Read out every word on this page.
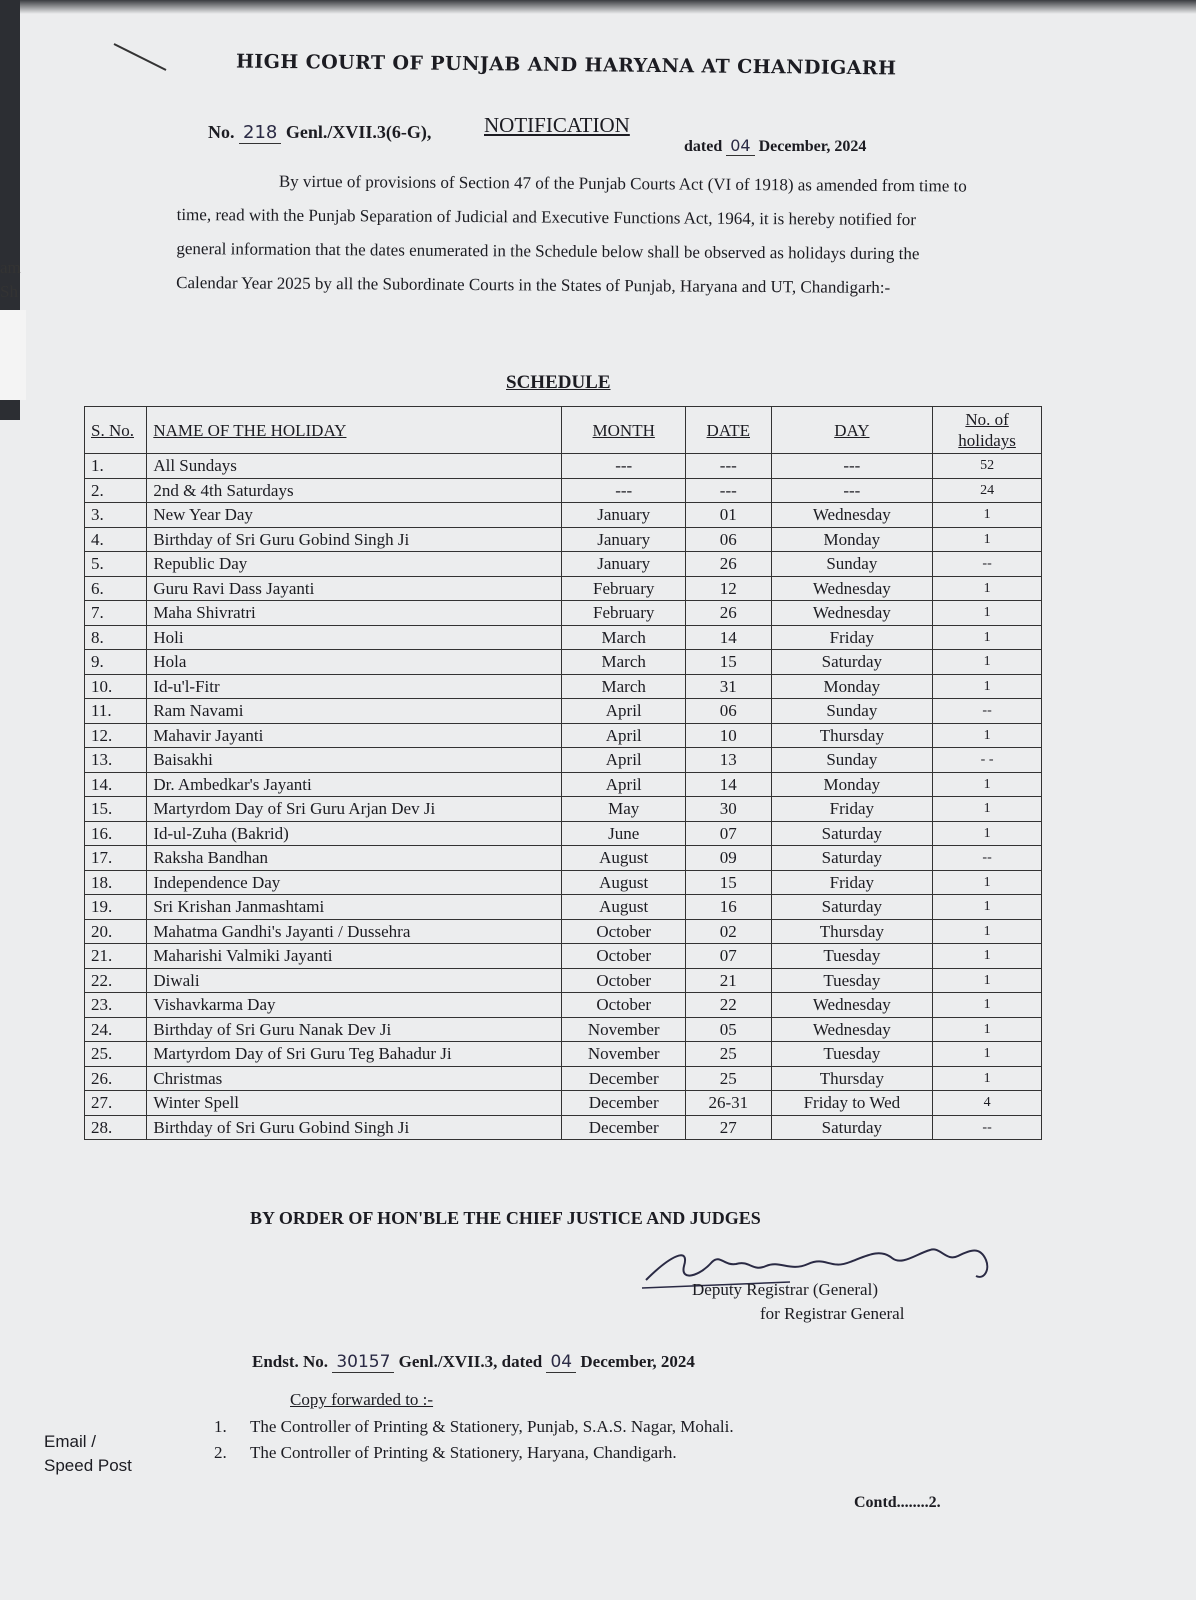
am
Sh
HIGH COURT OF PUNJAB AND HARYANA AT CHANDIGARH
NOTIFICATION
No. 218 Genl./XVII.3(6-G),
dated 04 December, 2024
By virtue of provisions of Section 47 of the Punjab Courts Act (VI of 1918) as amended from time to time, read with the Punjab Separation of Judicial and Executive Functions Act, 1964, it is hereby notified for general information that the dates enumerated in the Schedule below shall be observed as holidays during the Calendar Year 2025 by all the Subordinate Courts in the States of Punjab, Haryana and UT, Chandigarh:-
SCHEDULE
S. No.	NAME OF THE HOLIDAY	MONTH	DATE	DAY	No. of holidays
1.	All Sundays	---	---	---	52
2.	2nd & 4th Saturdays	---	---	---	24
3.	New Year Day	January	01	Wednesday	1
4.	Birthday of Sri Guru Gobind Singh Ji	January	06	Monday	1
5.	Republic Day	January	26	Sunday	--
6.	Guru Ravi Dass Jayanti	February	12	Wednesday	1
7.	Maha Shivratri	February	26	Wednesday	1
8.	Holi	March	14	Friday	1
9.	Hola	March	15	Saturday	1
10.	Id-u'l-Fitr	March	31	Monday	1
11.	Ram Navami	April	06	Sunday	--
12.	Mahavir Jayanti	April	10	Thursday	1
13.	Baisakhi	April	13	Sunday	- -
14.	Dr. Ambedkar's Jayanti	April	14	Monday	1
15.	Martyrdom Day of Sri Guru Arjan Dev Ji	May	30	Friday	1
16.	Id-ul-Zuha (Bakrid)	June	07	Saturday	1
17.	Raksha Bandhan	August	09	Saturday	--
18.	Independence Day	August	15	Friday	1
19.	Sri Krishan Janmashtami	August	16	Saturday	1
20.	Mahatma Gandhi's Jayanti / Dussehra	October	02	Thursday	1
21.	Maharishi Valmiki Jayanti	October	07	Tuesday	1
22.	Diwali	October	21	Tuesday	1
23.	Vishavkarma Day	October	22	Wednesday	1
24.	Birthday of Sri Guru Nanak Dev Ji	November	05	Wednesday	1
25.	Martyrdom Day of Sri Guru Teg Bahadur Ji	November	25	Tuesday	1
26.	Christmas	December	25	Thursday	1
27.	Winter Spell	December	26-31	Friday to Wed	4
28.	Birthday of Sri Guru Gobind Singh Ji	December	27	Saturday	--
BY ORDER OF HON'BLE THE CHIEF JUSTICE AND JUDGES
Deputy Registrar (General)
for Registrar General
Endst. No. 30157 Genl./XVII.3, dated 04 December, 2024
Copy forwarded to :-
1. The Controller of Printing & Stationery, Punjab, S.A.S. Nagar, Mohali.
2. The Controller of Printing & Stationery, Haryana, Chandigarh.
Email /
Speed Post
Contd........2.
